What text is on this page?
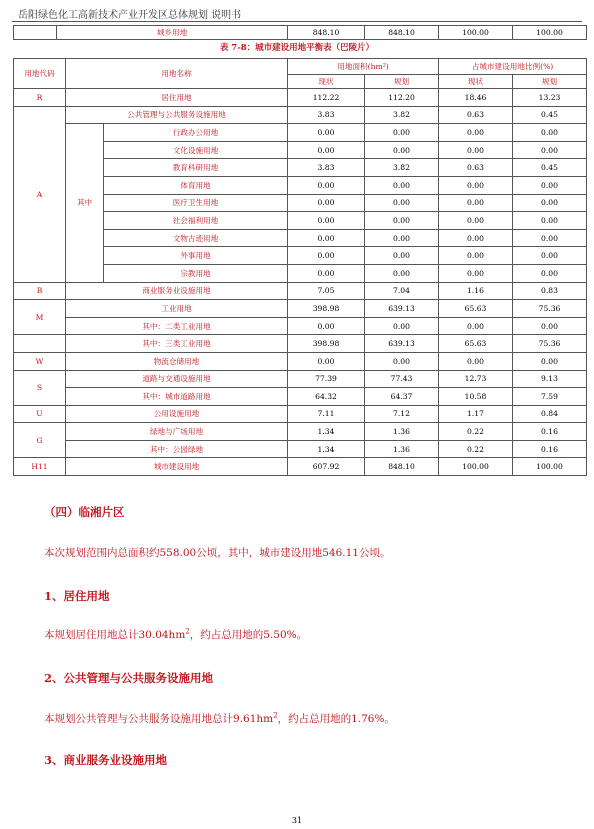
岳阳绿色化工高新技术产业开发区总体规划 说明书
	城乡用地	848.10	848.10	100.00	100.00
表 7-8：城市建设用地平衡表（巴陵片）
用地代码	用地名称		用地面积(hm²)		占城市建设用地比例(%)	
			现状	规划	现状	规划
R	居住用地		112.22	112.20	18.46	13.23
A	公共管理与公共服务设施用地		3.83	3.82	0.63	0.45
	其中	行政办公用地	0.00	0.00	0.00	0.00
		文化设施用地	0.00	0.00	0.00	0.00
		教育科研用地	3.83	3.82	0.63	0.45
		体育用地	0.00	0.00	0.00	0.00
		医疗卫生用地	0.00	0.00	0.00	0.00
		社会福利用地	0.00	0.00	0.00	0.00
		文物古迹用地	0.00	0.00	0.00	0.00
		外事用地	0.00	0.00	0.00	0.00
		宗教用地	0.00	0.00	0.00	0.00
B	商业服务业设施用地		7.05	7.04	1.16	0.83
M	工业用地		398.98	639.13	65.63	75.36
	其中：二类工业用地		0.00	0.00	0.00	0.00
	其中：三类工业用地		398.98	639.13	65.63	75.36
W	物流仓储用地		0.00	0.00	0.00	0.00
S	道路与交通设施用地		77.39	77.43	12.73	9.13
	其中：城市道路用地		64.32	64.37	10.58	7.59
U	公用设施用地		7.11	7.12	1.17	0.84
G	绿地与广场用地		1.34	1.36	0.22	0.16
	其中：公园绿地		1.34	1.36	0.22	0.16
H11	城市建设用地		607.92	848.10	100.00	100.00
（四）临湘片区
本次规划范围内总面积约558.00公顷，其中，城市建设用地546.11公顷。
1、居住用地
本规划居住用地总计$30.04hm^2$，约占总用地的5.50%。
2、公共管理与公共服务设施用地
本规划公共管理与公共服务设施用地总计$9.61hm^2$，约占总用地的1.76%。
3、商业服务业设施用地
31
